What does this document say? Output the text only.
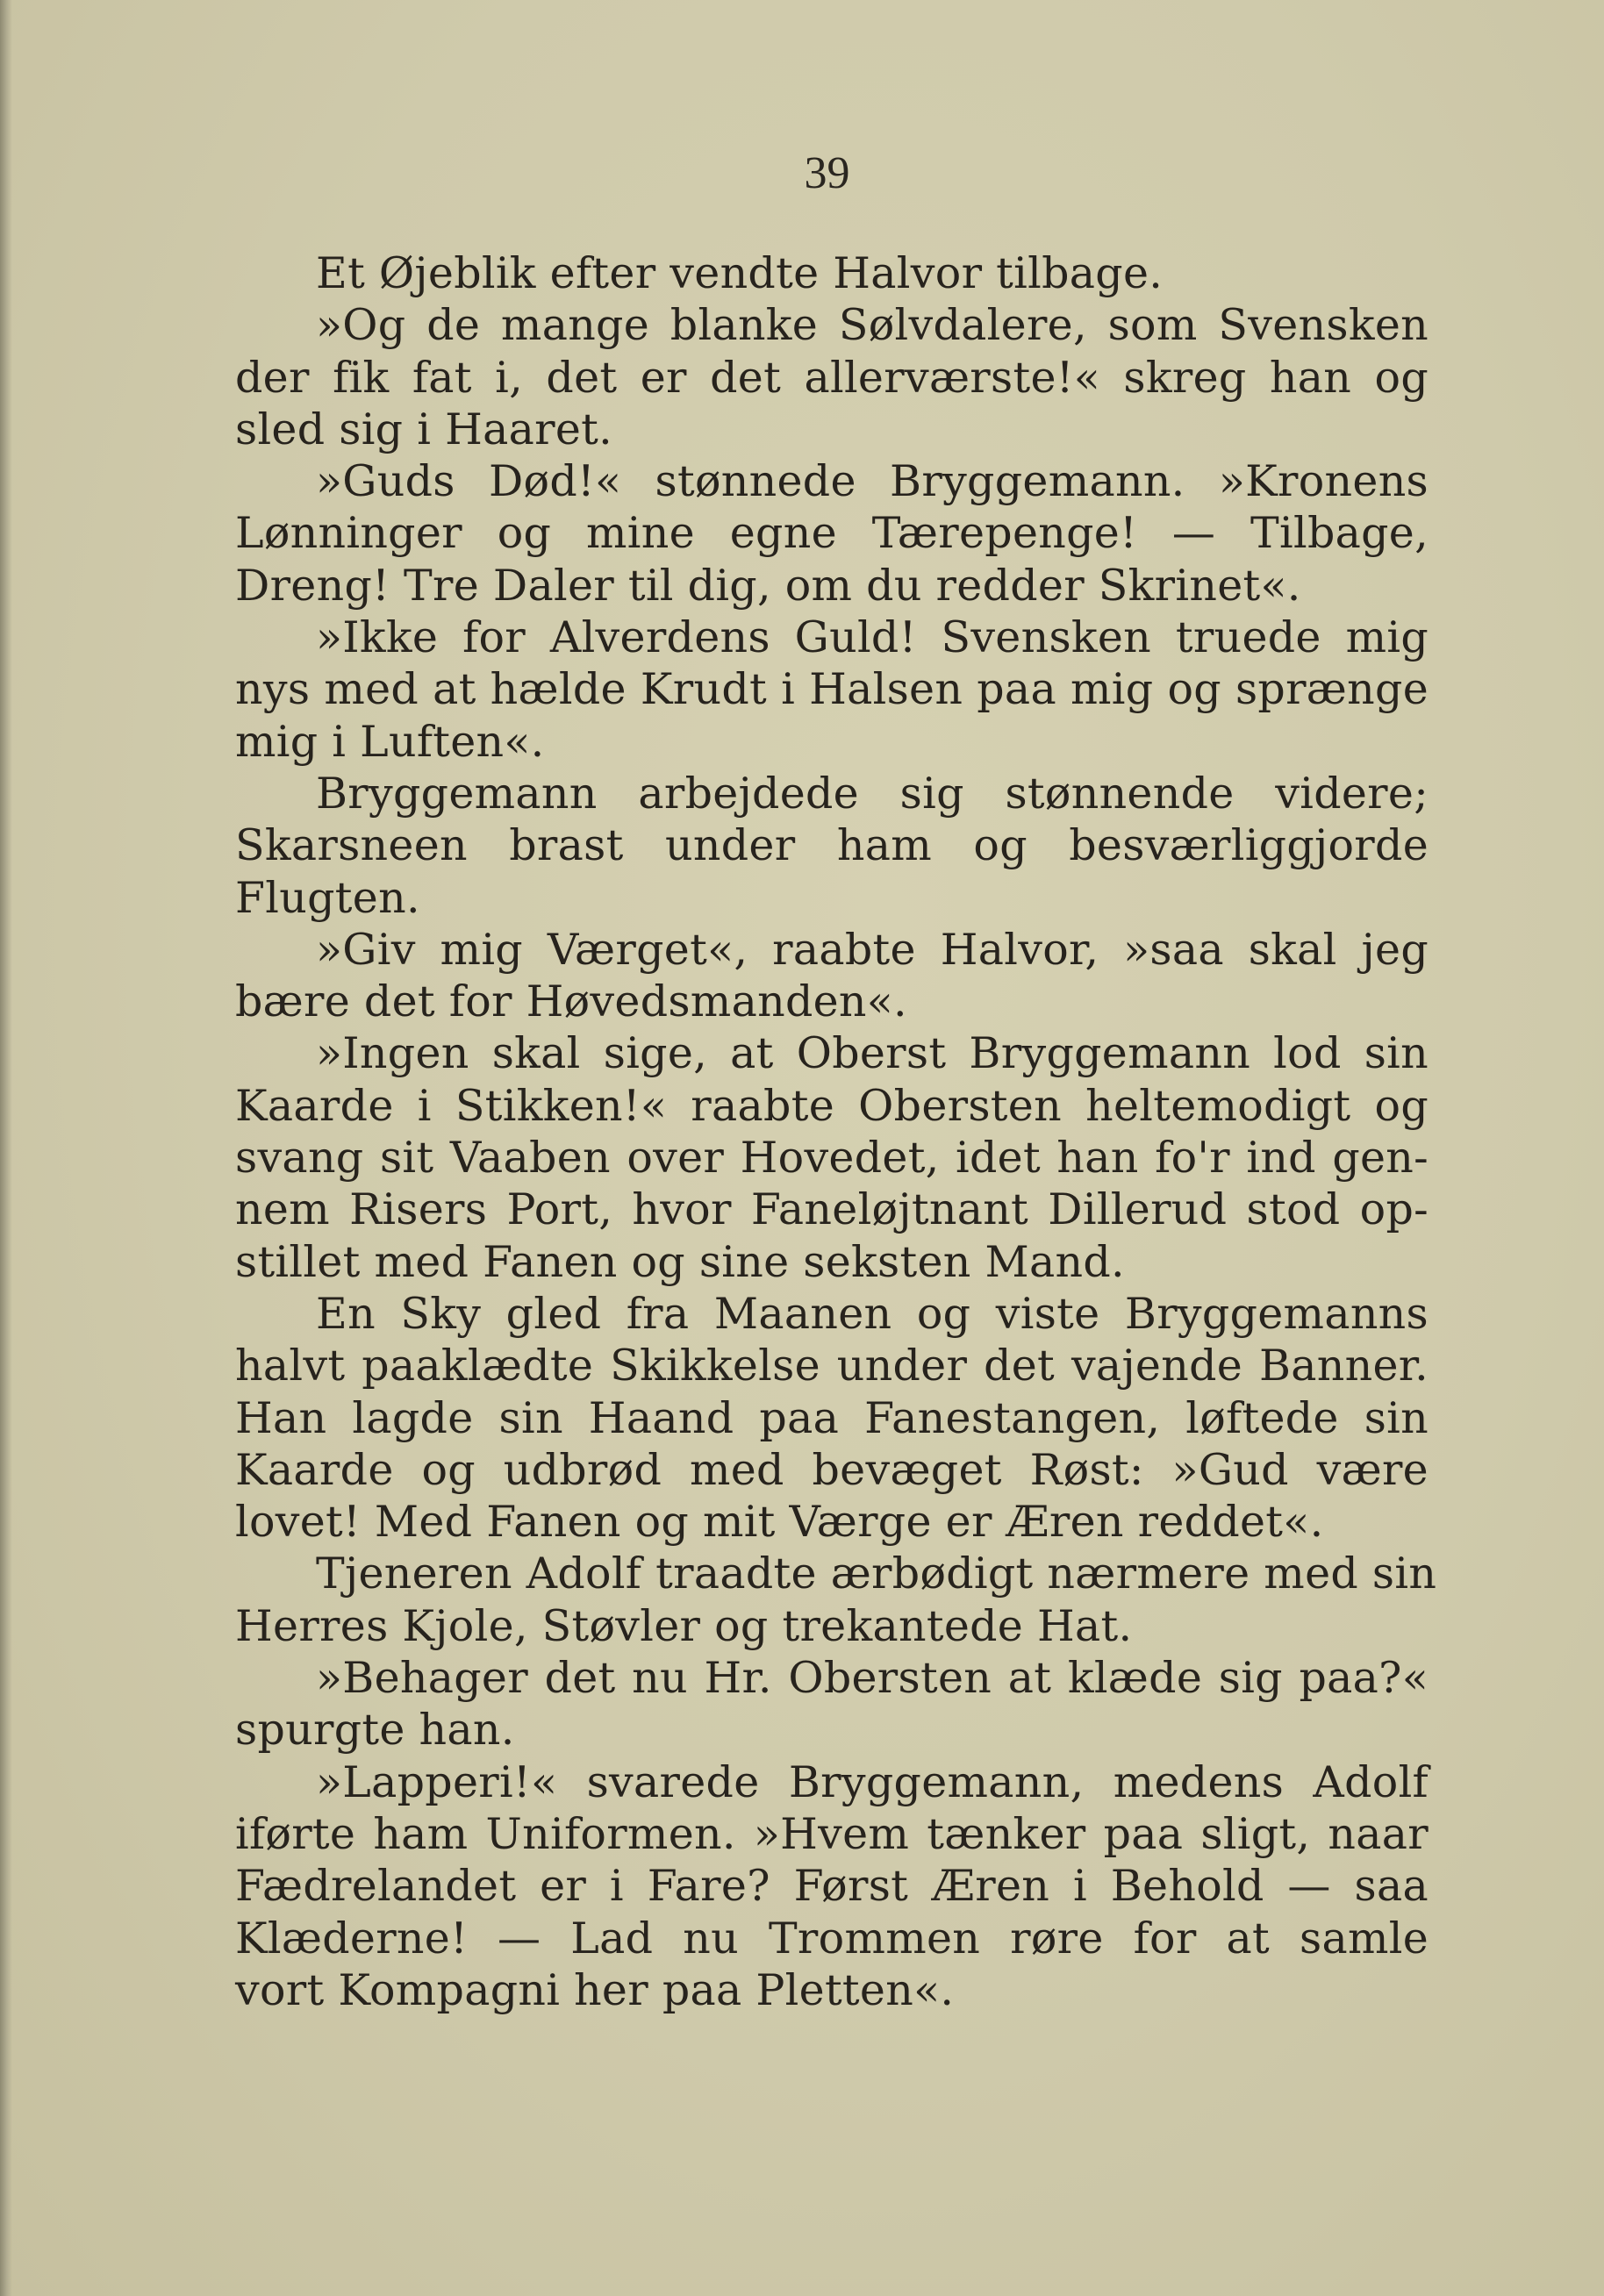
39
Et Øjeblik efter vendte Halvor tilbage.
»Og de mange blanke Sølvdalere, som Svensken
der fik fat i, det er det allerværste!« skreg han og
sled sig i Haaret.
»Guds Død!« stønnede Bryggemann. »Kronens
Lønninger og mine egne Tærepenge! — Tilbage,
Dreng! Tre Daler til dig, om du redder Skrinet«.
»Ikke for Alverdens Guld! Svensken truede mig
nys med at hælde Krudt i Halsen paa mig og sprænge
mig i Luften«.
Bryggemann arbejdede sig stønnende videre;
Skarsneen brast under ham og besværliggjorde
Flugten.
»Giv mig Værget«, raabte Halvor, »saa skal jeg
bære det for Høvedsmanden«.
»Ingen skal sige, at Oberst Bryggemann lod sin
Kaarde i Stikken!« raabte Obersten heltemodigt og
svang sit Vaaben over Hovedet, idet han fo'r ind gen-
nem Risers Port, hvor Faneløjtnant Dillerud stod op-
stillet med Fanen og sine seksten Mand.
En Sky gled fra Maanen og viste Bryggemanns
halvt paaklædte Skikkelse under det vajende Banner.
Han lagde sin Haand paa Fanestangen, løftede sin
Kaarde og udbrød med bevæget Røst: »Gud være
lovet! Med Fanen og mit Værge er Æren reddet«.
Tjeneren Adolf traadte ærbødigt nærmere med sin
Herres Kjole, Støvler og trekantede Hat.
»Behager det nu Hr. Obersten at klæde sig paa?«
spurgte han.
»Lapperi!« svarede Bryggemann, medens Adolf
iførte ham Uniformen. »Hvem tænker paa sligt, naar
Fædrelandet er i Fare? Først Æren i Behold — saa
Klæderne! — Lad nu Trommen røre for at samle
vort Kompagni her paa Pletten«.
